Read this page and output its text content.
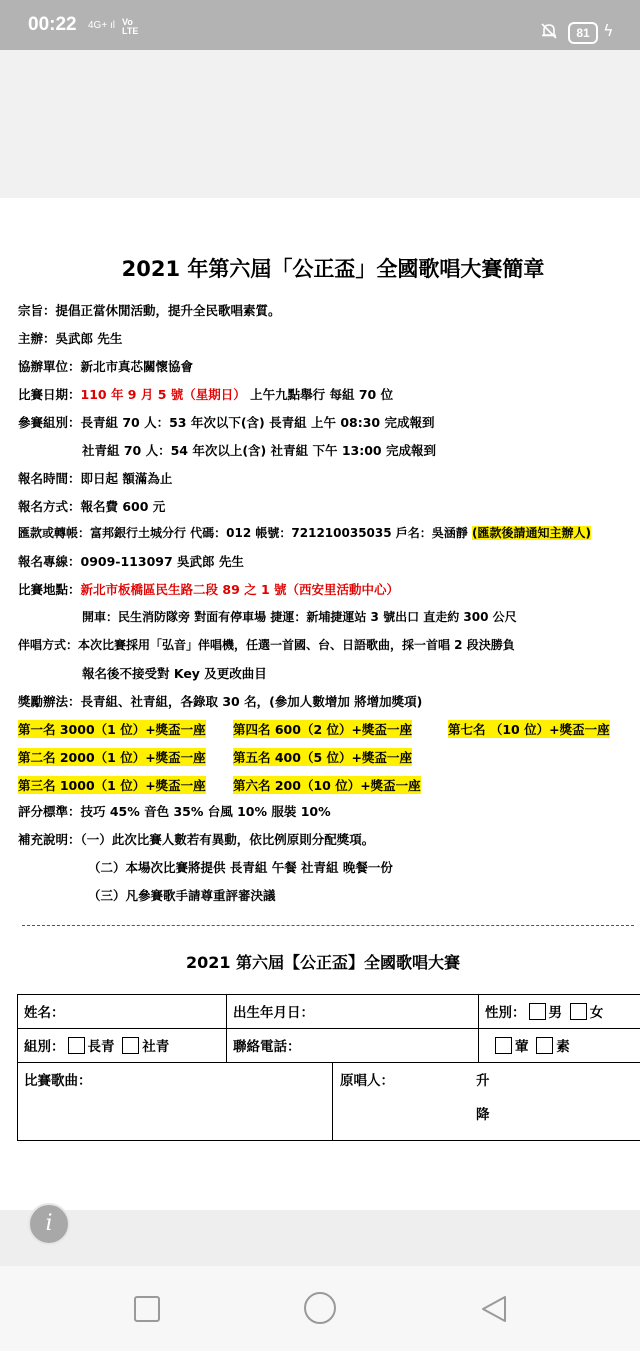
00:22 4G+ ıl Vo LTE	81 ϟ
2021 年第六屆「公正盃」全國歌唱大賽簡章
宗旨：提倡正當休閒活動，提升全民歌唱素質。
主辦：吳武郎 先生
協辦單位：新北市真芯關懷協會
比賽日期：110 年 9 月 5 號（星期日） 上午九點舉行 每組 70 位
參賽組別：長青組 70 人：53 年次以下(含) 長青組 上午 08:30 完成報到
社青組 70 人：54 年次以上(含) 社青組 下午 13:00 完成報到
報名時間：即日起 額滿為止
報名方式：報名費 600 元
匯款或轉帳：富邦銀行土城分行 代碼：012 帳號：721210035035 戶名：吳涵靜 (匯款後請通知主辦人)
報名專線：0909-113097 吳武郎 先生
比賽地點：新北市板橋區民生路二段 89 之 1 號（西安里活動中心）
開車：民生消防隊旁 對面有停車場 捷運：新埔捷運站 3 號出口 直走約 300 公尺
伴唱方式：本次比賽採用「弘音」伴唱機，任選一首國、台、日語歌曲，採一首唱 2 段決勝負
報名後不接受對 Key 及更改曲目
獎勵辦法：長青組、社青組，各錄取 30 名，(參加人數增加 將增加獎項)
第一名 3000（1 位）+獎盃一座 第四名 600（2 位）+獎盃一座	第七名 （10 位）+獎盃一座
第二名 2000（1 位）+獎盃一座 第五名 400（5 位）+獎盃一座
第三名 1000（1 位）+獎盃一座 第六名 200（10 位）+獎盃一座
評分標準：技巧 45% 音色 35% 台風 10% 服裝 10%
補充說明：（一）此次比賽人數若有異動，依比例原則分配獎項。
（二）本場次比賽將提供 長青組 午餐 社青組 晚餐一份
（三）凡參賽歌手請尊重評審決議
2021 第六屆【公正盃】全國歌唱大賽
姓名：	出生年月日：	性別： 男 女
組別： 長青 社青	聯絡電話：	葷 素
比賽歌曲：	原唱人：	升
降
i
